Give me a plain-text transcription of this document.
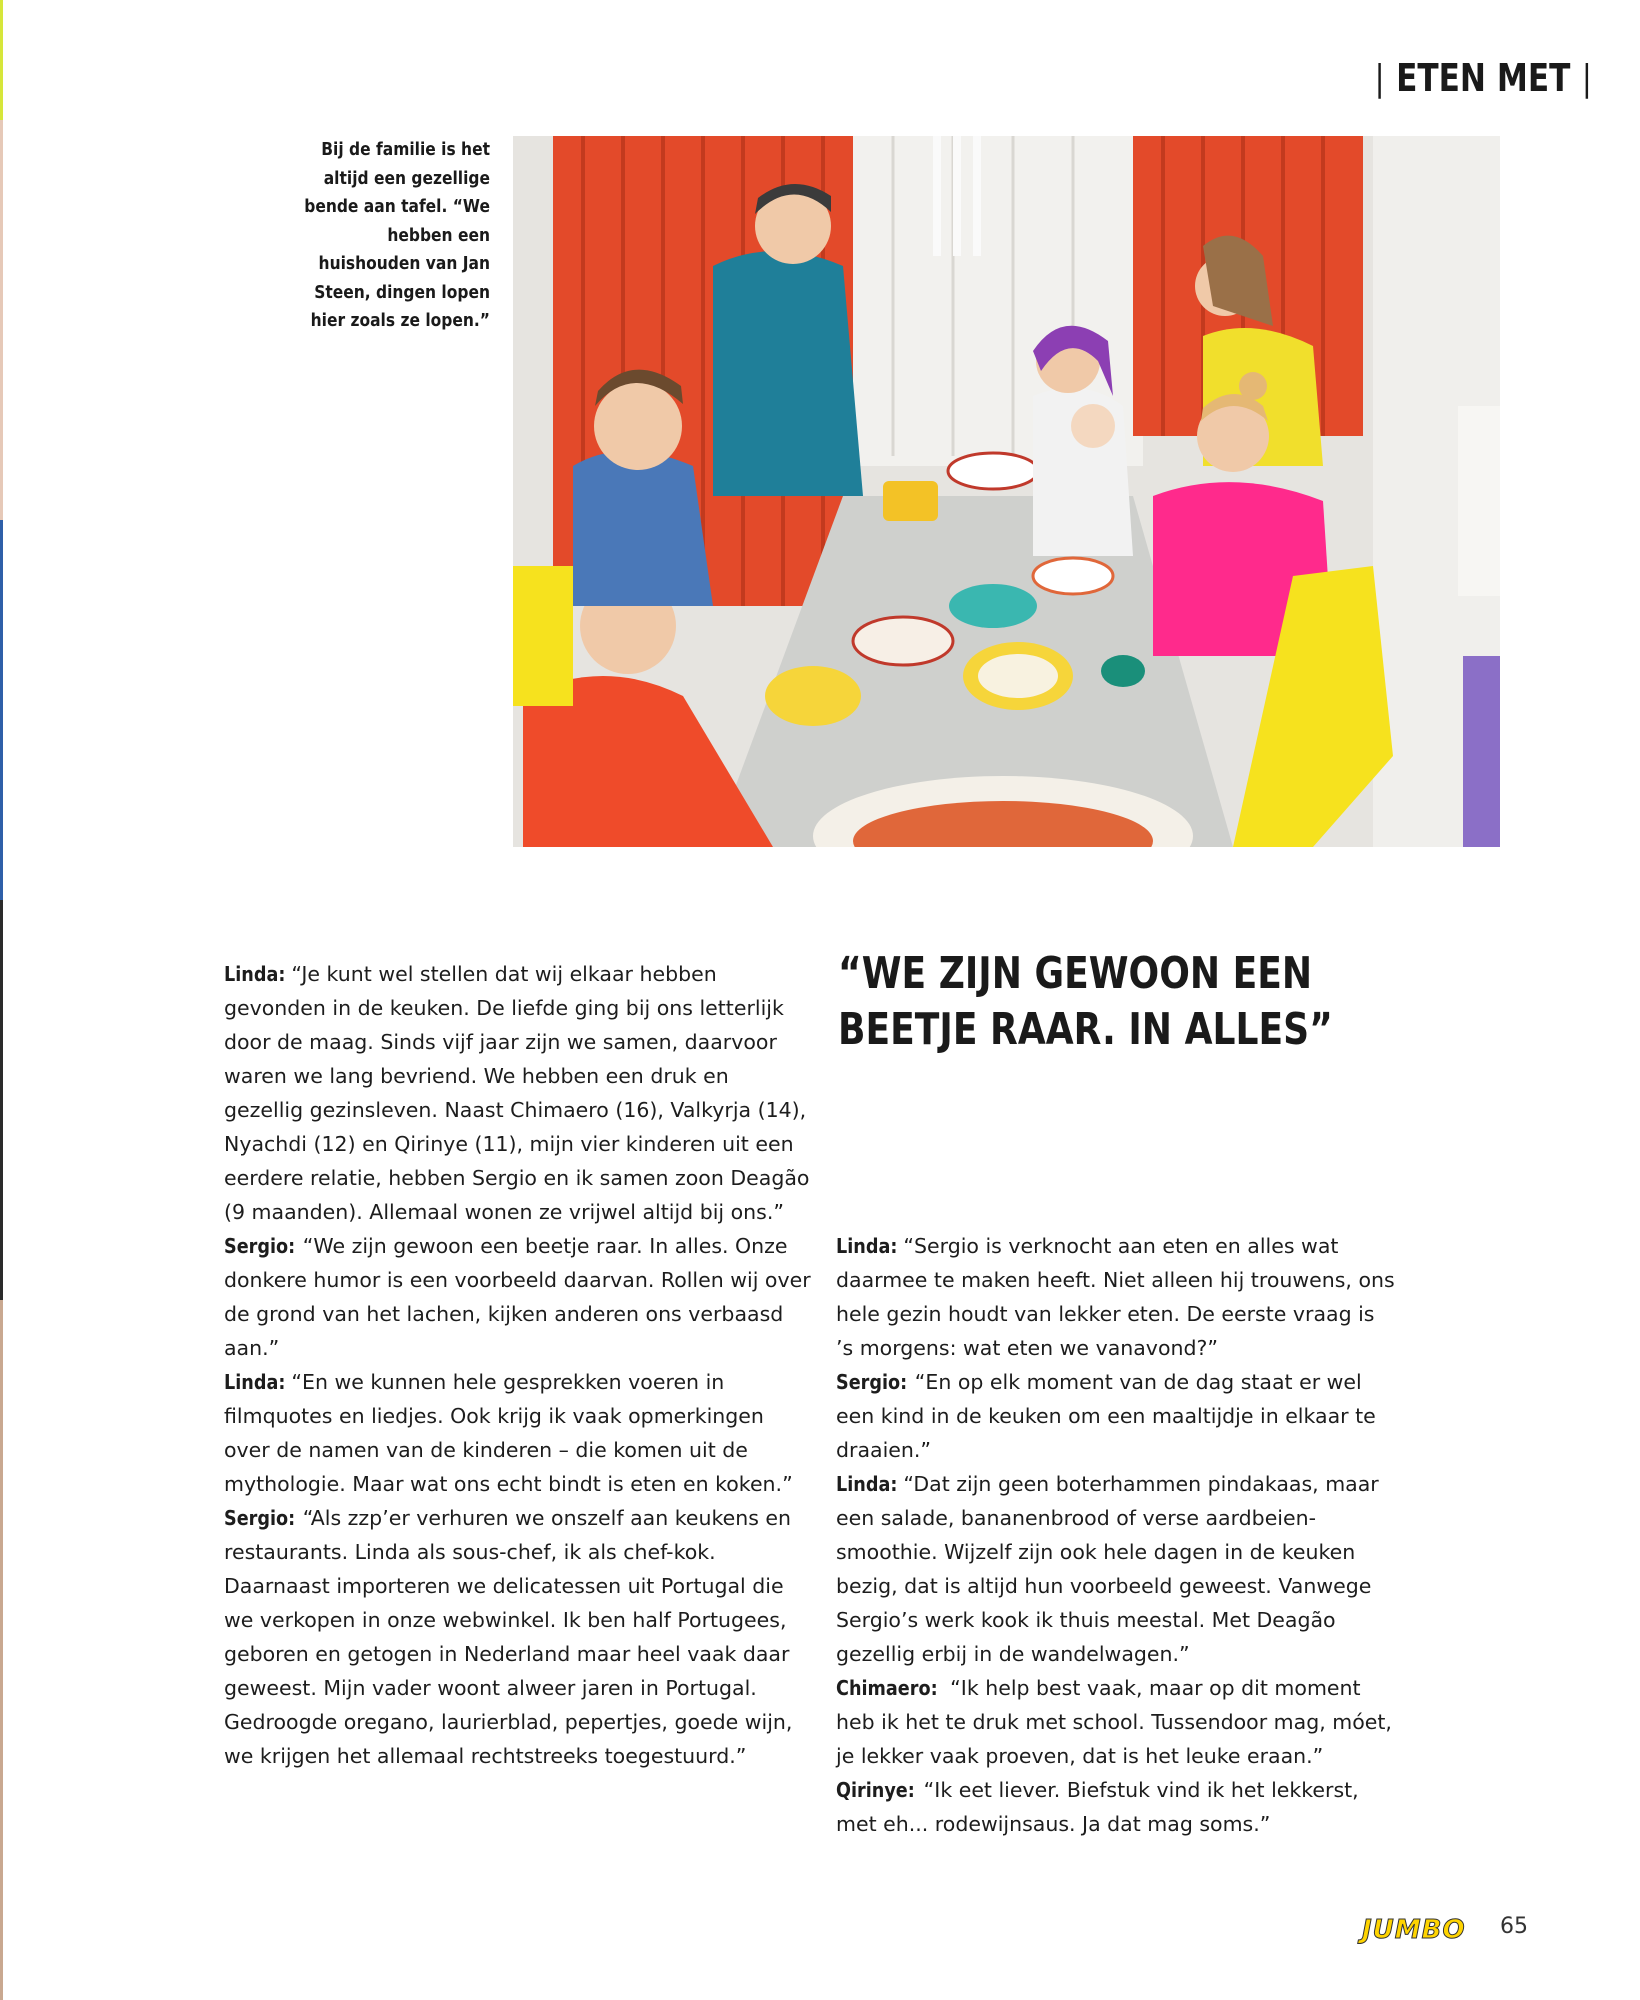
| ETEN MET |
Bij de familie is het
altijd een gezellige
bende aan tafel. “We
hebben een
huishouden van Jan
Steen, dingen lopen
hier zoals ze lopen.”
“WE ZIJN GEWOON EEN
BEETJE RAAR. IN ALLES”

Linda: “Je kunt wel stellen dat wij elkaar hebben gevonden in de keuken. De liefde ging bij ons letterlijk door de maag. Sinds vijf jaar zijn we samen, daarvoor waren we lang bevriend. We hebben een druk en gezellig gezinsleven. Naast Chimaero (16), Valkyrja (14), Nyachdi (12) en Qirinye (11), mijn vier kinderen uit een eerdere relatie, hebben Sergio en ik samen zoon Deagão (9 maanden). Allemaal wonen ze vrijwel altijd bij ons.”

Sergio: “We zijn gewoon een beetje raar. In alles. Onze donkere humor is een voorbeeld daarvan. Rollen wij over de grond van het lachen, kijken anderen ons verbaasd aan.”

Linda: “En we kunnen hele gesprekken voeren in filmquotes en liedjes. Ook krijg ik vaak opmerkingen over de namen van de kinderen – die komen uit de mythologie. Maar wat ons echt bindt is eten en koken.”

Sergio: “Als zzp’er verhuren we onszelf aan keukens en restaurants. Linda als sous-chef, ik als chef-kok. Daarnaast importeren we delicatessen uit Portugal die we verkopen in onze webwinkel. Ik ben half Portugees, geboren en getogen in Nederland maar heel vaak daar geweest. Mijn vader woont alweer jaren in Portugal. Gedroogde oregano, laurierblad, pepertjes, goede wijn, we krijgen het allemaal rechtstreeks toegestuurd.”

Linda: “Sergio is verknocht aan eten en alles wat daarmee te maken heeft. Niet alleen hij trouwens, ons hele gezin houdt van lekker eten. De eerste vraag is ’s morgens: wat eten we vanavond?”

Sergio: “En op elk moment van de dag staat er wel een kind in de keuken om een maaltijdje in elkaar te draaien.”

Linda: “Dat zijn geen boterhammen pindakaas, maar een salade, bananenbrood of verse aardbeien-smoothie. Wijzelf zijn ook hele dagen in de keuken bezig, dat is altijd hun voorbeeld geweest. Vanwege Sergio’s werk kook ik thuis meestal. Met Deagão gezellig erbij in de wandelwagen.”

Chimaero: “Ik help best vaak, maar op dit moment heb ik het te druk met school. Tussendoor mag, móet, je lekker vaak proeven, dat is het leuke eraan.”

Qirinye: “Ik eet liever. Biefstuk vind ik het lekkerst, met eh... rodewijnsaus. Ja dat mag soms.”

JUMBO 65
